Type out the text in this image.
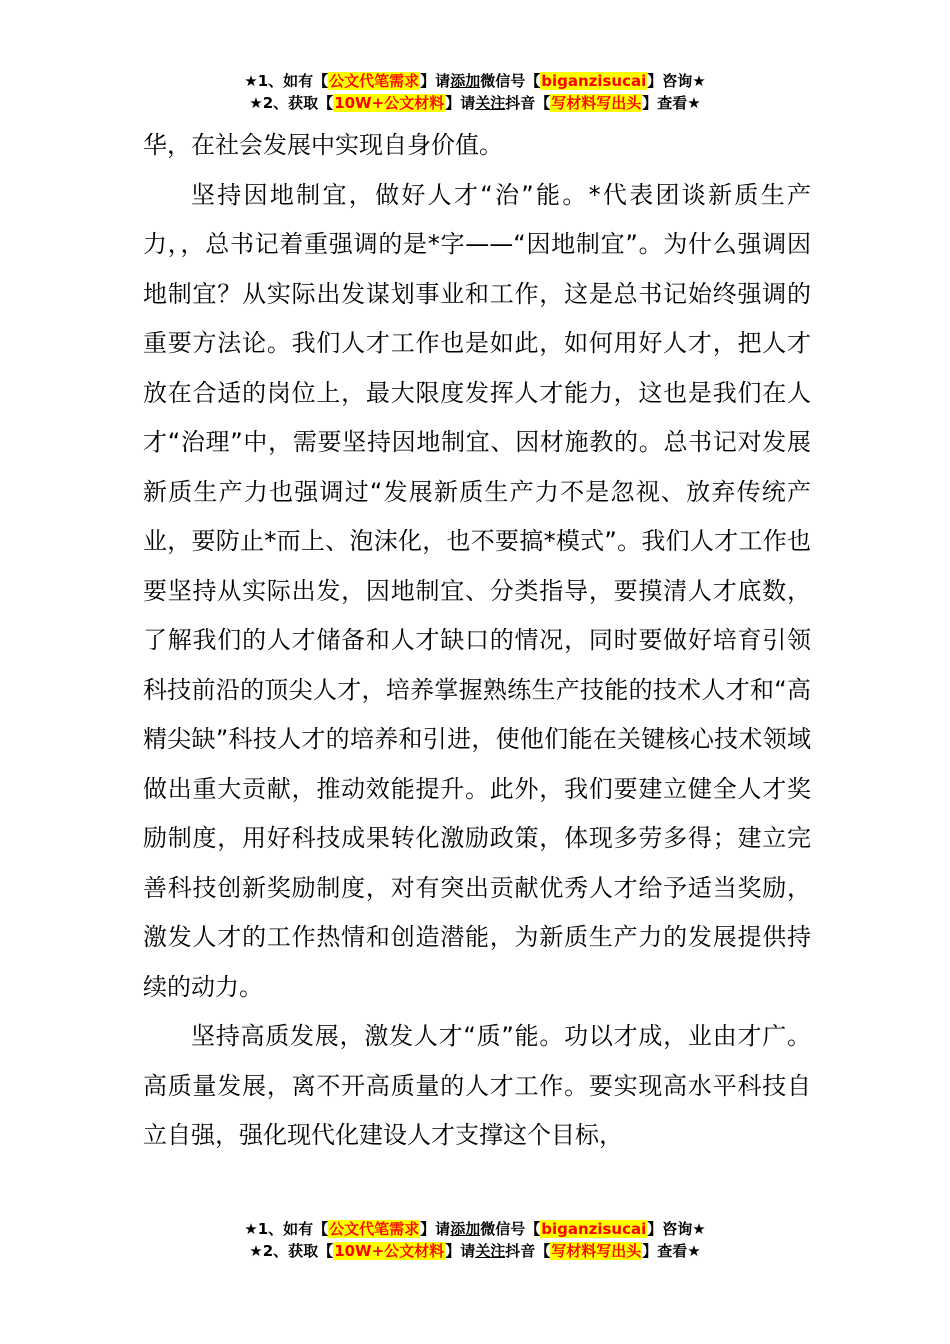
★1、如有【公文代笔需求】请添加微信号【biganzisucai】咨询★
★2、获取【10W+公文材料】请关注抖音【写材料写出头】查看★

华，在社会发展中实现自身价值。

坚持因地制宜，做好人才“治”能。*代表团谈新质生产力，，总书记着重强调的是*字——“因地制宜”。为什么强调因地制宜？从实际出发谋划事业和工作，这是总书记始终强调的重要方法论。我们人才工作也是如此，如何用好人才，把人才放在合适的岗位上，最大限度发挥人才能力，这也是我们在人才“治理”中，需要坚持因地制宜、因材施教的。总书记对发展新质生产力也强调过“发展新质生产力不是忽视、放弃传统产业，要防止*而上、泡沫化，也不要搞*模式”。我们人才工作也要坚持从实际出发，因地制宜、分类指导，要摸清人才底数，了解我们的人才储备和人才缺口的情况，同时要做好培育引领科技前沿的顶尖人才，培养掌握熟练生产技能的技术人才和“高精尖缺”科技人才的培养和引进，使他们能在关键核心技术领域做出重大贡献，推动效能提升。此外，我们要建立健全人才奖励制度，用好科技成果转化激励政策，体现多劳多得；建立完善科技创新奖励制度，对有突出贡献优秀人才给予适当奖励，激发人才的工作热情和创造潜能，为新质生产力的发展提供持续的动力。

坚持高质发展，激发人才“质”能。功以才成，业由才广。高质量发展，离不开高质量的人才工作。要实现高水平科技自立自强，强化现代化建设人才支撑这个目标，

★1、如有【公文代笔需求】请添加微信号【biganzisucai】咨询★
★2、获取【10W+公文材料】请关注抖音【写材料写出头】查看★
